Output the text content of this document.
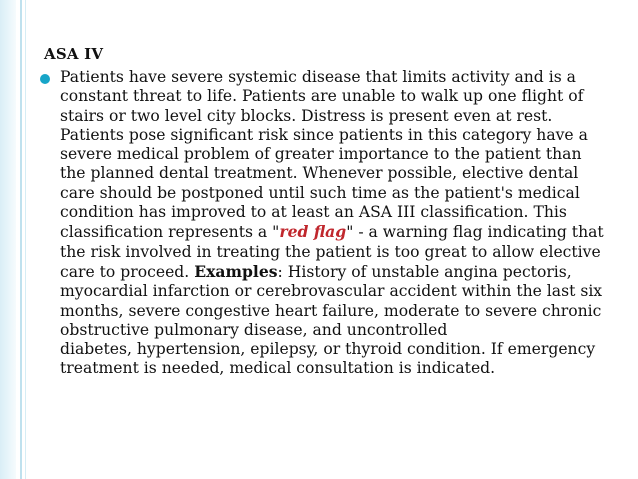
ASA IV

Patients have severe systemic disease that limits activity and is a constant threat to life. Patients are unable to walk up one flight of stairs or two level city blocks. Distress is present even at rest. Patients pose significant risk since patients in this category have a severe medical problem of greater importance to the patient than the planned dental treatment. Whenever possible, elective dental care should be postponed until such time as the patient's medical condition has improved to at least an ASA III classification. This classification represents a "red flag" - a warning flag indicating that the risk involved in treating the patient is too great to allow elective care to proceed. Examples: History of unstable angina pectoris, myocardial infarction or cerebrovascular accident within the last six months, severe congestive heart failure, moderate to severe chronic obstructive pulmonary disease, and uncontrolled
diabetes, hypertension, epilepsy, or thyroid condition. If emergency treatment is needed, medical consultation is indicated.
